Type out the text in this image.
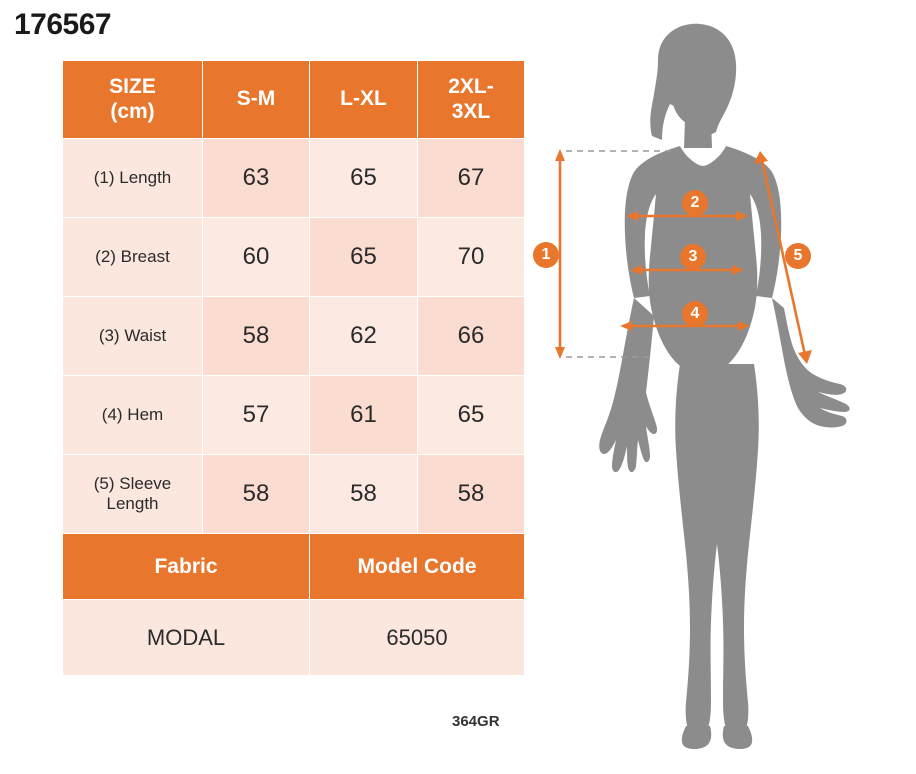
176567
SIZE
(cm)	S-M	L-XL	2XL-
3XL

(1) Length	63	65	67
(2) Breast	60	65	70
(3) Waist	58	62	66
(4) Hem	57	61	65
(5) Sleeve
Length	58	58	58
Fabric		Model Code	
MODAL		65050	
364GR
1
2
3
4
5
